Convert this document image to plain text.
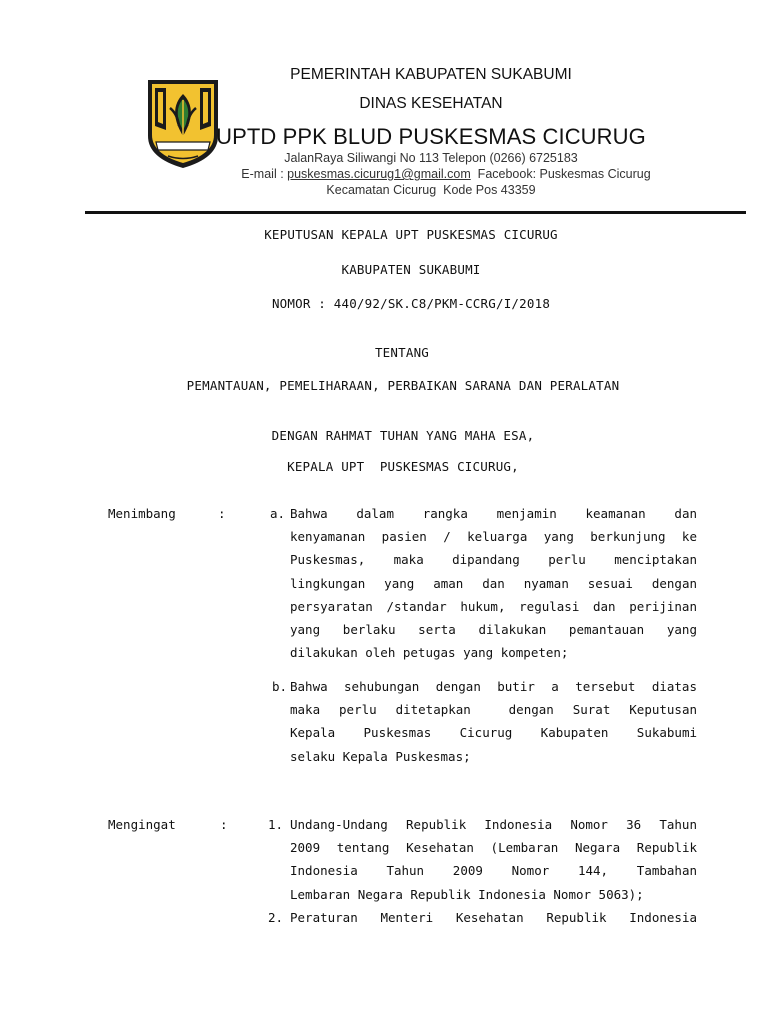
PEMERINTAH KABUPATEN SUKABUMI
DINAS KESEHATAN
UPTD PPK BLUD PUSKESMAS CICURUG
JalanRaya Siliwangi No 113 Telepon (0266) 6725183
E-mail : puskesmas.cicurug1@gmail.com  Facebook: Puskesmas Cicurug
Kecamatan Cicurug  Kode Pos 43359
KEPUTUSAN KEPALA UPT PUSKESMAS CICURUG
KABUPATEN SUKABUMI
NOMOR : 440/92/SK.C8/PKM-CCRG/I/2018
TENTANG
PEMANTAUAN, PEMELIHARAAN, PERBAIKAN SARANA DAN PERALATAN
DENGAN RAHMAT TUHAN YANG MAHA ESA,
KEPALA UPT  PUSKESMAS CICURUG,
Menimbang	:	a. Bahwa dalam rangka menjamin keamanan dan
kenyamanan pasien / keluarga yang berkunjung ke
Puskesmas, maka dipandang perlu menciptakan
lingkungan yang aman dan nyaman sesuai dengan
persyaratan /standar hukum, regulasi dan perijinan
yang berlaku serta dilakukan pemantauan yang
dilakukan oleh petugas yang kompeten;
b. Bahwa sehubungan dengan butir a tersebut diatas
maka perlu ditetapkan  dengan Surat Keputusan
Kepala Puskesmas Cicurug Kabupaten Sukabumi
selaku Kepala Puskesmas;
Mengingat	:	1. Undang-Undang Republik Indonesia Nomor 36 Tahun
2009 tentang Kesehatan (Lembaran Negara Republik
Indonesia Tahun 2009 Nomor 144, Tambahan
Lembaran Negara Republik Indonesia Nomor 5063);
2. Peraturan Menteri Kesehatan Republik Indonesia
